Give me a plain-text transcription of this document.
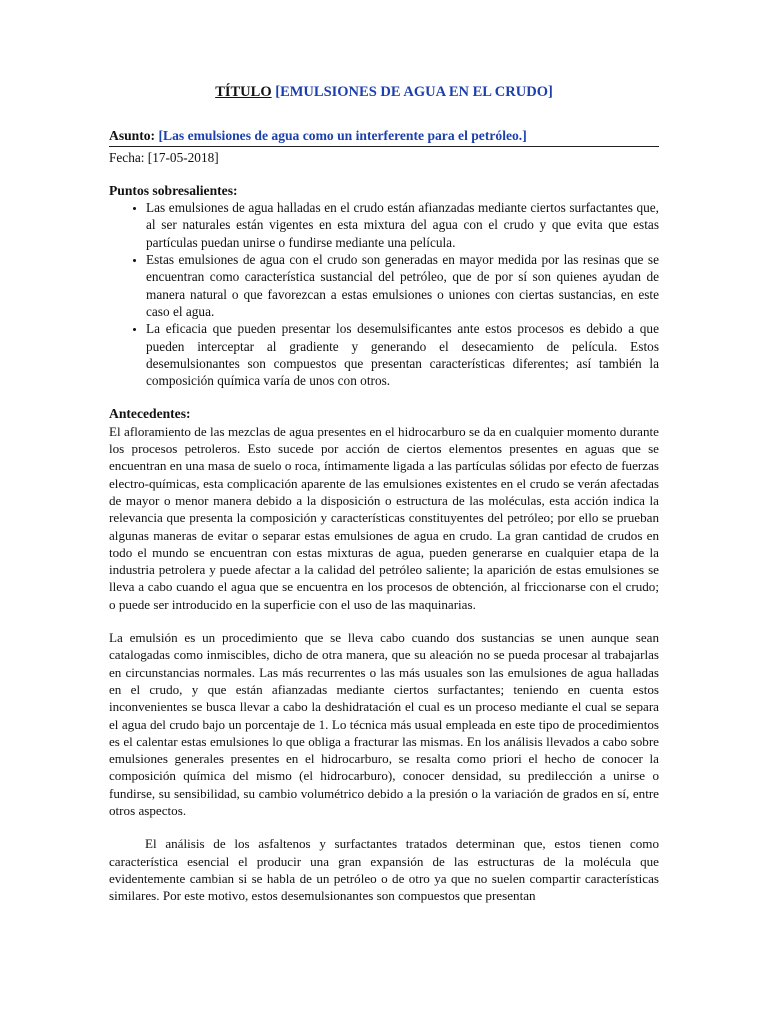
TÍTULO [EMULSIONES DE AGUA EN EL CRUDO]
Asunto: [Las emulsiones de agua como un interferente para el petróleo.]
Fecha: [17-05-2018]
Puntos sobresalientes:
• Las emulsiones de agua halladas en el crudo están afianzadas mediante ciertos surfactantes que, al ser naturales están vigentes en esta mixtura del agua con el crudo y que evita que estas partículas puedan unirse o fundirse mediante una película.
• Estas emulsiones de agua con el crudo son generadas en mayor medida por las resinas que se encuentran como característica sustancial del petróleo, que de por sí son quienes ayudan de manera natural o que favorezcan a estas emulsiones o uniones con ciertas sustancias, en este caso el agua.
• La eficacia que pueden presentar los desemulsificantes ante estos procesos es debido a que pueden interceptar al gradiente y generando el desecamiento de película. Estos desemulsionantes son compuestos que presentan características diferentes; así también la composición química varía de unos con otros.
Antecedentes:

El afloramiento de las mezclas de agua presentes en el hidrocarburo se da en cualquier momento durante los procesos petroleros. Esto sucede por acción de ciertos elementos presentes en aguas que se encuentran en una masa de suelo o roca, íntimamente ligada a las partículas sólidas por efecto de fuerzas electro-químicas, esta complicación aparente de las emulsiones existentes en el crudo se verán afectadas de mayor o menor manera debido a la disposición o estructura de las moléculas, esta acción indica la relevancia que presenta la composición y características constituyentes del petróleo; por ello se prueban algunas maneras de evitar o separar estas emulsiones de agua en crudo. La gran cantidad de crudos en todo el mundo se encuentran con estas mixturas de agua, pueden generarse en cualquier etapa de la industria petrolera y puede afectar a la calidad del petróleo saliente; la aparición de estas emulsiones se lleva a cabo cuando el agua que se encuentra en los procesos de obtención, al friccionarse con el crudo; o puede ser introducido en la superficie con el uso de las maquinarias.

La emulsión es un procedimiento que se lleva cabo cuando dos sustancias se unen aunque sean catalogadas como inmiscibles, dicho de otra manera, que su aleación no se pueda procesar al trabajarlas en circunstancias normales. Las más recurrentes o las más usuales son las emulsiones de agua halladas en el crudo, y que están afianzadas mediante ciertos surfactantes; teniendo en cuenta estos inconvenientes se busca llevar a cabo la deshidratación el cual es un proceso mediante el cual se separa el agua del crudo bajo un porcentaje de 1. Lo técnica más usual empleada en este tipo de procedimientos es el calentar estas emulsiones lo que obliga a fracturar las mismas. En los análisis llevados a cabo sobre emulsiones generales presentes en el hidrocarburo, se resalta como priori el hecho de conocer la composición química del mismo (el hidrocarburo), conocer densidad, su predilección a unirse o fundirse, su sensibilidad, su cambio volumétrico debido a la presión o la variación de grados en sí, entre otros aspectos.

El análisis de los asfaltenos y surfactantes tratados determinan que, estos tienen como característica esencial el producir una gran expansión de las estructuras de la molécula que evidentemente cambian si se habla de un petróleo o de otro ya que no suelen compartir características similares. Por este motivo, estos desemulsionantes son compuestos que presentan
